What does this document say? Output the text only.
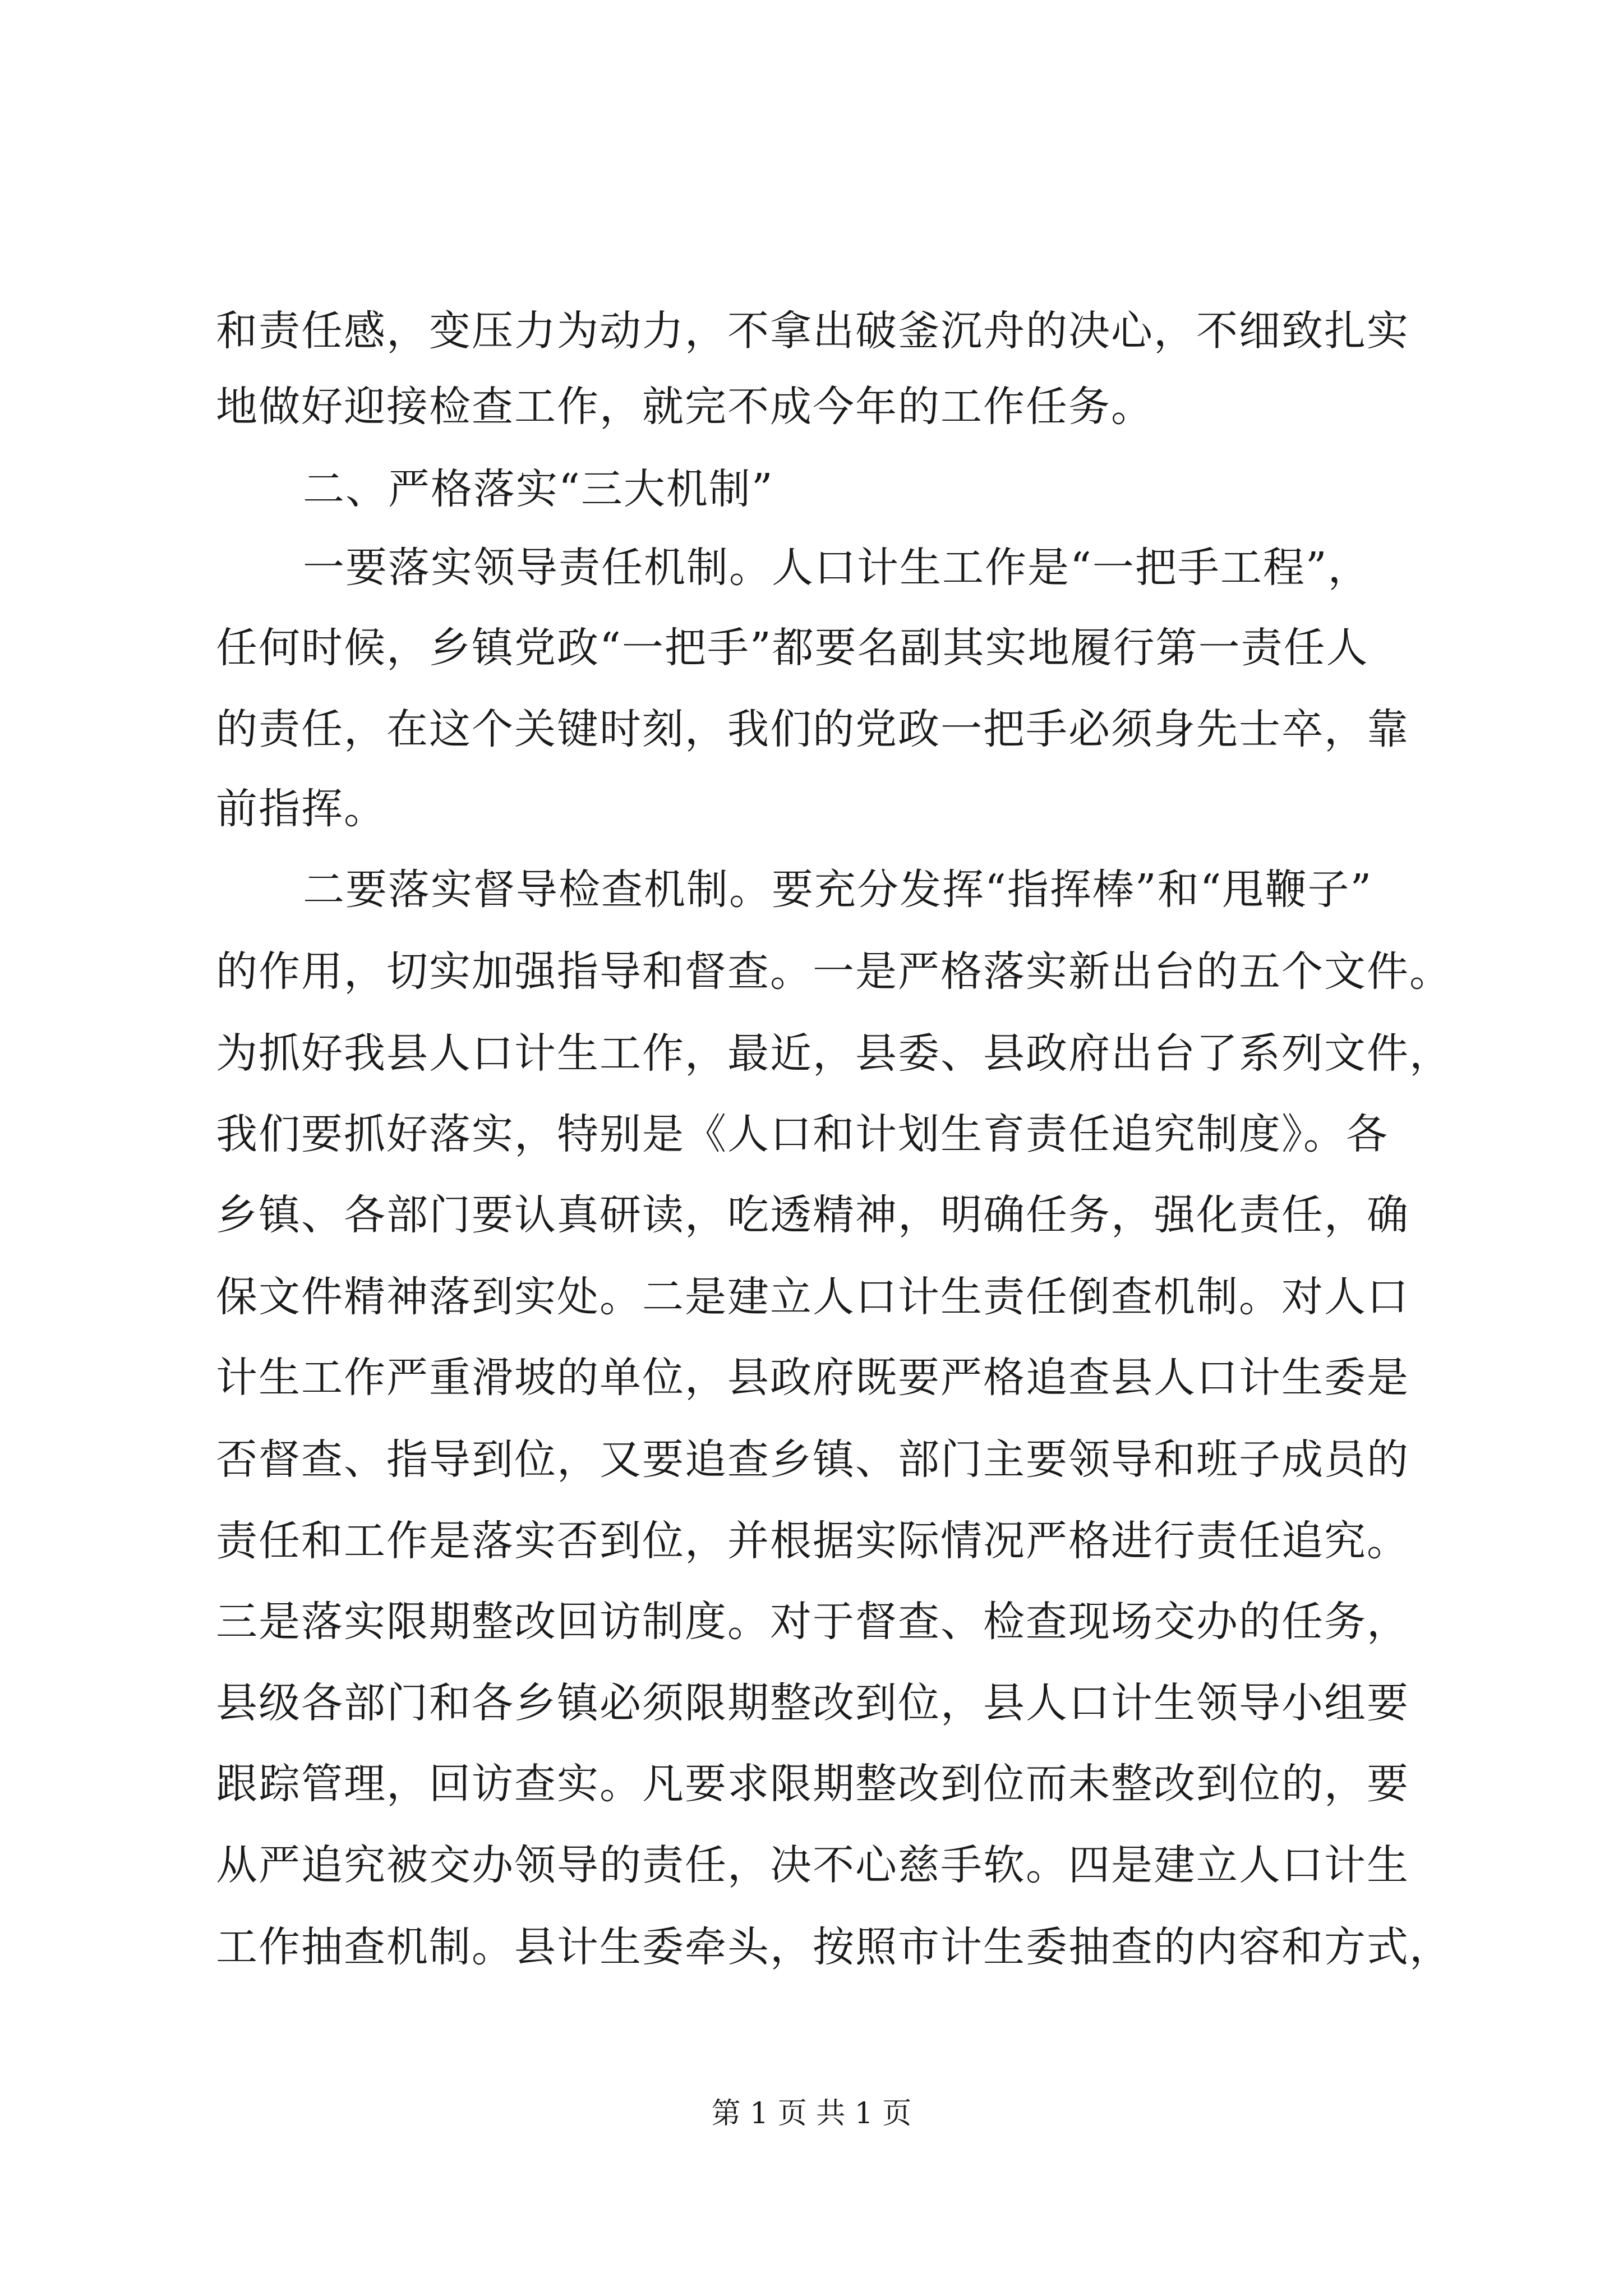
和责任感，变压力为动力，不拿出破釜沉舟的决心，不细致扎实
地做好迎接检查工作，就完不成今年的工作任务。
二、严格落实“三大机制”
一要落实领导责任机制。人口计生工作是“一把手工程”，
任何时候，乡镇党政“一把手”都要名副其实地履行第一责任人
的责任，在这个关键时刻，我们的党政一把手必须身先士卒，靠
前指挥。
二要落实督导检查机制。要充分发挥“指挥棒”和“甩鞭子”
的作用，切实加强指导和督查。一是严格落实新出台的五个文件。
为抓好我县人口计生工作，最近，县委、县政府出台了系列文件，
我们要抓好落实，特别是《人口和计划生育责任追究制度》。各
乡镇、各部门要认真研读，吃透精神，明确任务，强化责任，确
保文件精神落到实处。二是建立人口计生责任倒查机制。对人口
计生工作严重滑坡的单位，县政府既要严格追查县人口计生委是
否督查、指导到位，又要追查乡镇、部门主要领导和班子成员的
责任和工作是落实否到位，并根据实际情况严格进行责任追究。
三是落实限期整改回访制度。对于督查、检查现场交办的任务，
县级各部门和各乡镇必须限期整改到位，县人口计生领导小组要
跟踪管理，回访查实。凡要求限期整改到位而未整改到位的，要
从严追究被交办领导的责任，决不心慈手软。四是建立人口计生
工作抽查机制。县计生委牵头，按照市计生委抽查的内容和方式，
第 1 页 共 1 页
